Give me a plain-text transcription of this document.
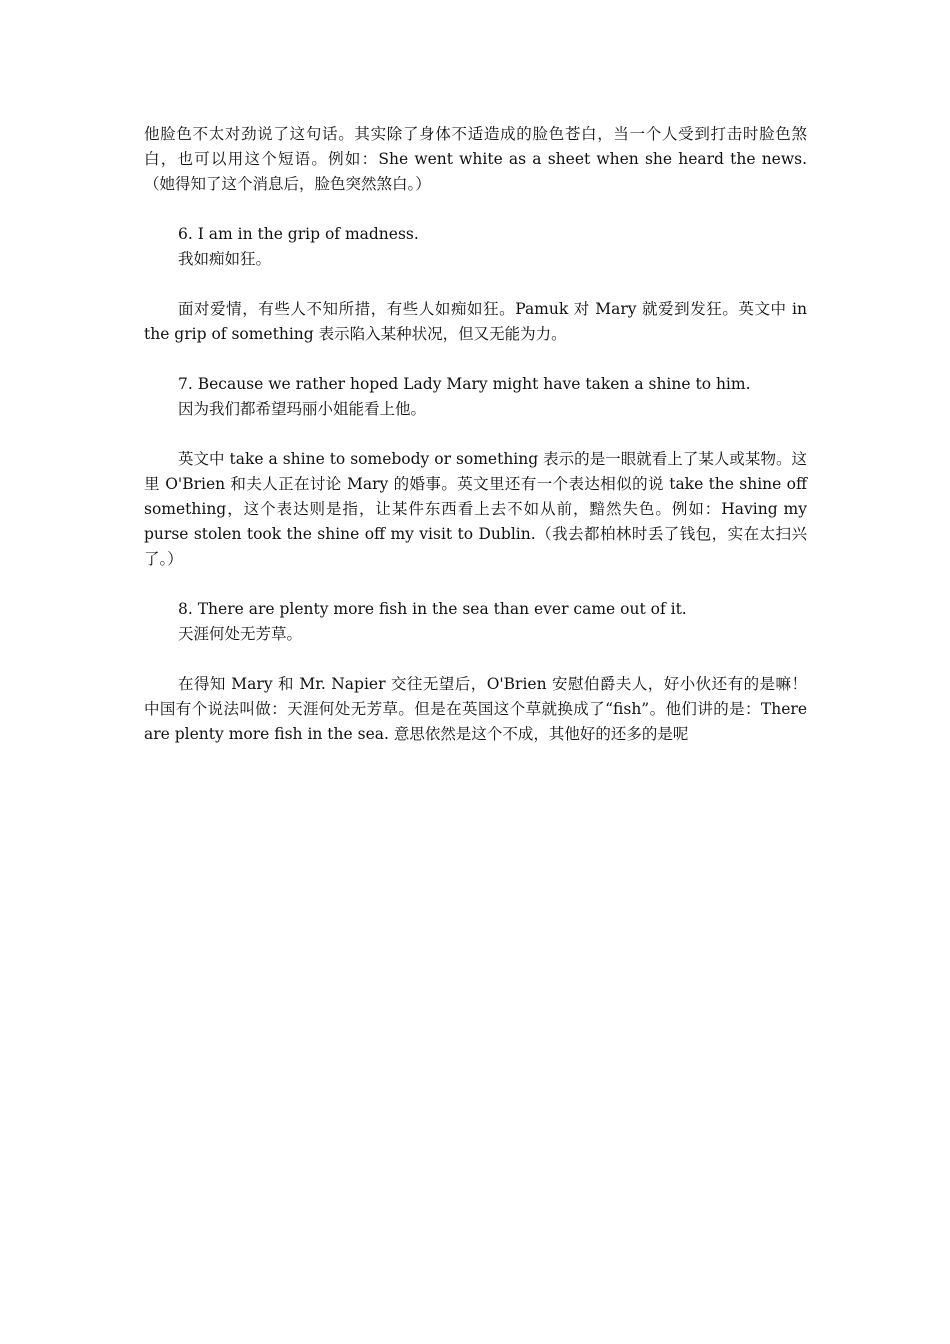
他脸色不太对劲说了这句话。其实除了身体不适造成的脸色苍白，当一个人受到打击时脸色煞白，也可以用这个短语。例如：She went white as a sheet when she heard the news.（她得知了这个消息后，脸色突然煞白。）

6. I am in the grip of madness.

我如痴如狂。

面对爱情，有些人不知所措，有些人如痴如狂。Pamuk 对 Mary 就爱到发狂。英文中 in the grip of something 表示陷入某种状况，但又无能为力。

7. Because we rather hoped Lady Mary might have taken a shine to him.

因为我们都希望玛丽小姐能看上他。

英文中 take a shine to somebody or something 表示的是一眼就看上了某人或某物。这里 O'Brien 和夫人正在讨论 Mary 的婚事。英文里还有一个表达相似的说 take the shine off something，这个表达则是指，让某件东西看上去不如从前，黯然失色。例如：Having my purse stolen took the shine off my visit to Dublin.（我去都柏林时丢了钱包，实在太扫兴了。）

8. There are plenty more fish in the sea than ever came out of it.

天涯何处无芳草。

在得知 Mary 和 Mr. Napier 交往无望后，O'Brien 安慰伯爵夫人，好小伙还有的是嘛！中国有个说法叫做：天涯何处无芳草。但是在英国这个草就换成了“fish”。他们讲的是：There are plenty more fish in the sea. 意思依然是这个不成，其他好的还多的是呢
